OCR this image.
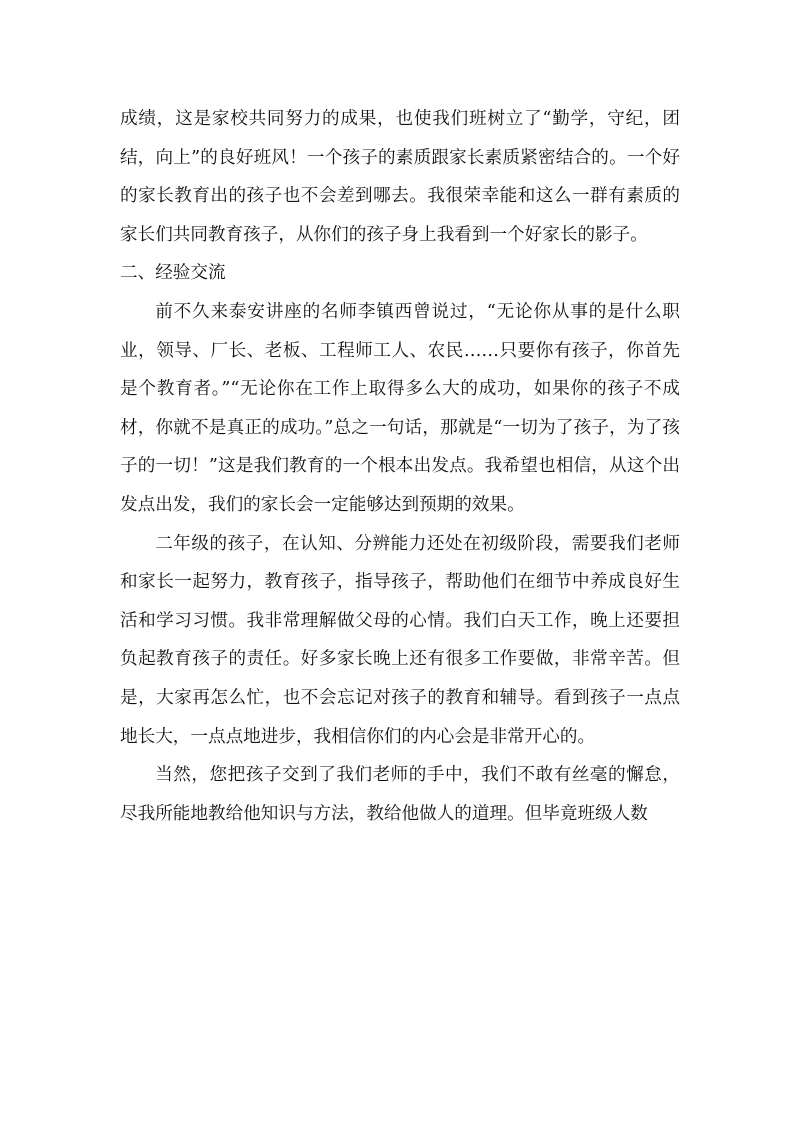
成绩，这是家校共同努力的成果，也使我们班树立了“勤学，守纪，团结，向上”的良好班风！一个孩子的素质跟家长素质紧密结合的。一个好的家长教育出的孩子也不会差到哪去。我很荣幸能和这么一群有素质的家长们共同教育孩子，从你们的孩子身上我看到一个好家长的影子。

二、经验交流

前不久来泰安讲座的名师李镇西曾说过，“无论你从事的是什么职业，领导、厂长、老板、工程师工人、农民……只要你有孩子，你首先是个教育者。”“无论你在工作上取得多么大的成功，如果你的孩子不成材，你就不是真正的成功。”总之一句话，那就是“一切为了孩子，为了孩子的一切！”这是我们教育的一个根本出发点。我希望也相信，从这个出发点出发，我们的家长会一定能够达到预期的效果。

二年级的孩子，在认知、分辨能力还处在初级阶段，需要我们老师和家长一起努力，教育孩子，指导孩子，帮助他们在细节中养成良好生活和学习习惯。我非常理解做父母的心情。我们白天工作，晚上还要担负起教育孩子的责任。好多家长晚上还有很多工作要做，非常辛苦。但是，大家再怎么忙，也不会忘记对孩子的教育和辅导。看到孩子一点点地长大，一点点地进步，我相信你们的内心会是非常开心的。

当然，您把孩子交到了我们老师的手中，我们不敢有丝毫的懈怠，尽我所能地教给他知识与方法，教给他做人的道理。但毕竟班级人数
